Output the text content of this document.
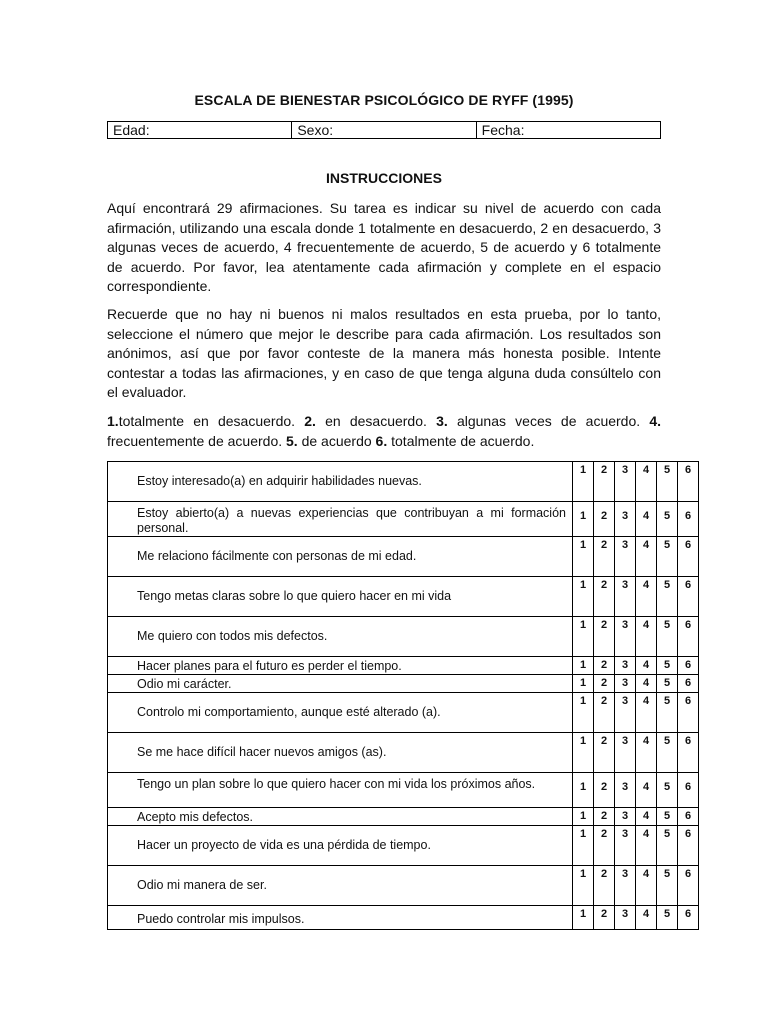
ESCALA DE BIENESTAR PSICOLÓGICO DE RYFF (1995)
Edad:	Sexo:	Fecha:
INSTRUCCIONES

Aquí encontrará 29 afirmaciones. Su tarea es indicar su nivel de acuerdo con cada afirmación, utilizando una escala donde 1 totalmente en desacuerdo, 2 en desacuerdo, 3 algunas veces de acuerdo, 4 frecuentemente de acuerdo, 5 de acuerdo y 6 totalmente de acuerdo. Por favor, lea atentamente cada afirmación y complete en el espacio correspondiente.

Recuerde que no hay ni buenos ni malos resultados en esta prueba, por lo tanto, seleccione el número que mejor le describe para cada afirmación. Los resultados son anónimos, así que por favor conteste de la manera más honesta posible. Intente contestar a todas las afirmaciones, y en caso de que tenga alguna duda consúltelo con el evaluador.

1.totalmente en desacuerdo. 2. en desacuerdo. 3. algunas veces de acuerdo. 4. frecuentemente de acuerdo. 5. de acuerdo 6. totalmente de acuerdo.

Estoy interesado(a) en adquirir habilidades nuevas.	1	2	3	4	5	6
Estoy abierto(a) a nuevas experiencias que contribuyan a mi formación personal.	1	2	3	4	5	6
Me relaciono fácilmente con personas de mi edad.	1	2	3	4	5	6
Tengo metas claras sobre lo que quiero hacer en mi vida	1	2	3	4	5	6
Me quiero con todos mis defectos.	1	2	3	4	5	6
Hacer planes para el futuro es perder el tiempo.	1	2	3	4	5	6
Odio mi carácter.	1	2	3	4	5	6
Controlo mi comportamiento, aunque esté alterado (a).	1	2	3	4	5	6
Se me hace difícil hacer nuevos amigos (as).	1	2	3	4	5	6
Tengo un plan sobre lo que quiero hacer con mi vida los próximos años.	1	2	3	4	5	6
Acepto mis defectos.	1	2	3	4	5	6
Hacer un proyecto de vida es una pérdida de tiempo.	1	2	3	4	5	6
Odio mi manera de ser.	1	2	3	4	5	6
Puedo controlar mis impulsos.	1	2	3	4	5	6
